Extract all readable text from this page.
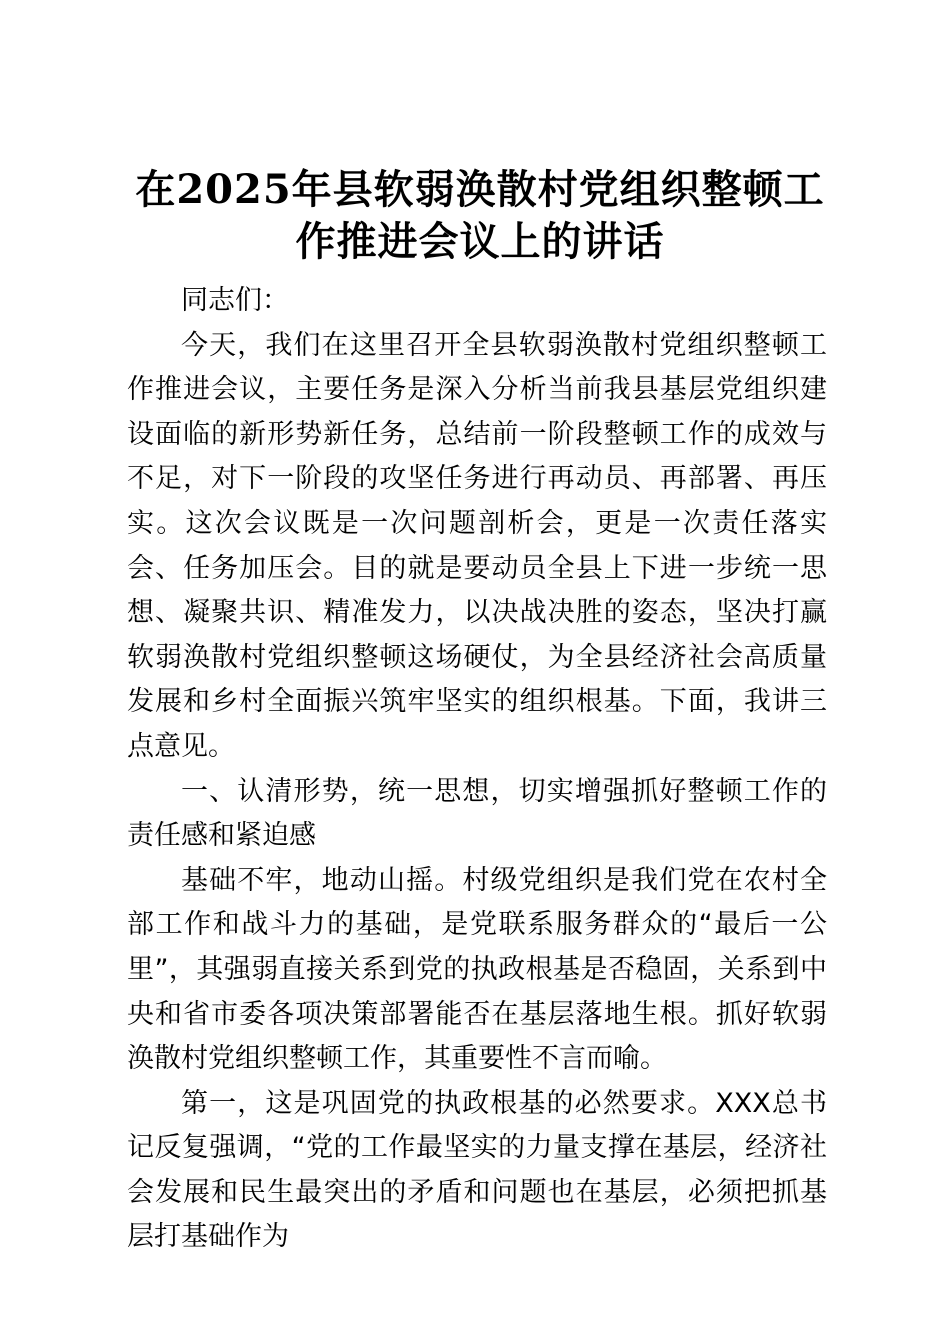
在2025年县软弱涣散村党组织整顿工作推进会议上的讲话

同志们：

今天，我们在这里召开全县软弱涣散村党组织整顿工作推进会议，主要任务是深入分析当前我县基层党组织建设面临的新形势新任务，总结前一阶段整顿工作的成效与不足，对下一阶段的攻坚任务进行再动员、再部署、再压实。这次会议既是一次问题剖析会，更是一次责任落实会、任务加压会。目的就是要动员全县上下进一步统一思想、凝聚共识、精准发力，以决战决胜的姿态，坚决打赢软弱涣散村党组织整顿这场硬仗，为全县经济社会高质量发展和乡村全面振兴筑牢坚实的组织根基。下面，我讲三点意见。

一、认清形势，统一思想，切实增强抓好整顿工作的责任感和紧迫感

基础不牢，地动山摇。村级党组织是我们党在农村全部工作和战斗力的基础，是党联系服务群众的“最后一公里”，其强弱直接关系到党的执政根基是否稳固，关系到中央和省市委各项决策部署能否在基层落地生根。抓好软弱涣散村党组织整顿工作，其重要性不言而喻。

第一，这是巩固党的执政根基的必然要求。XXX总书记反复强调，“党的工作最坚实的力量支撑在基层，经济社会发展和民生最突出的矛盾和问题也在基层，必须把抓基层打基础作为
